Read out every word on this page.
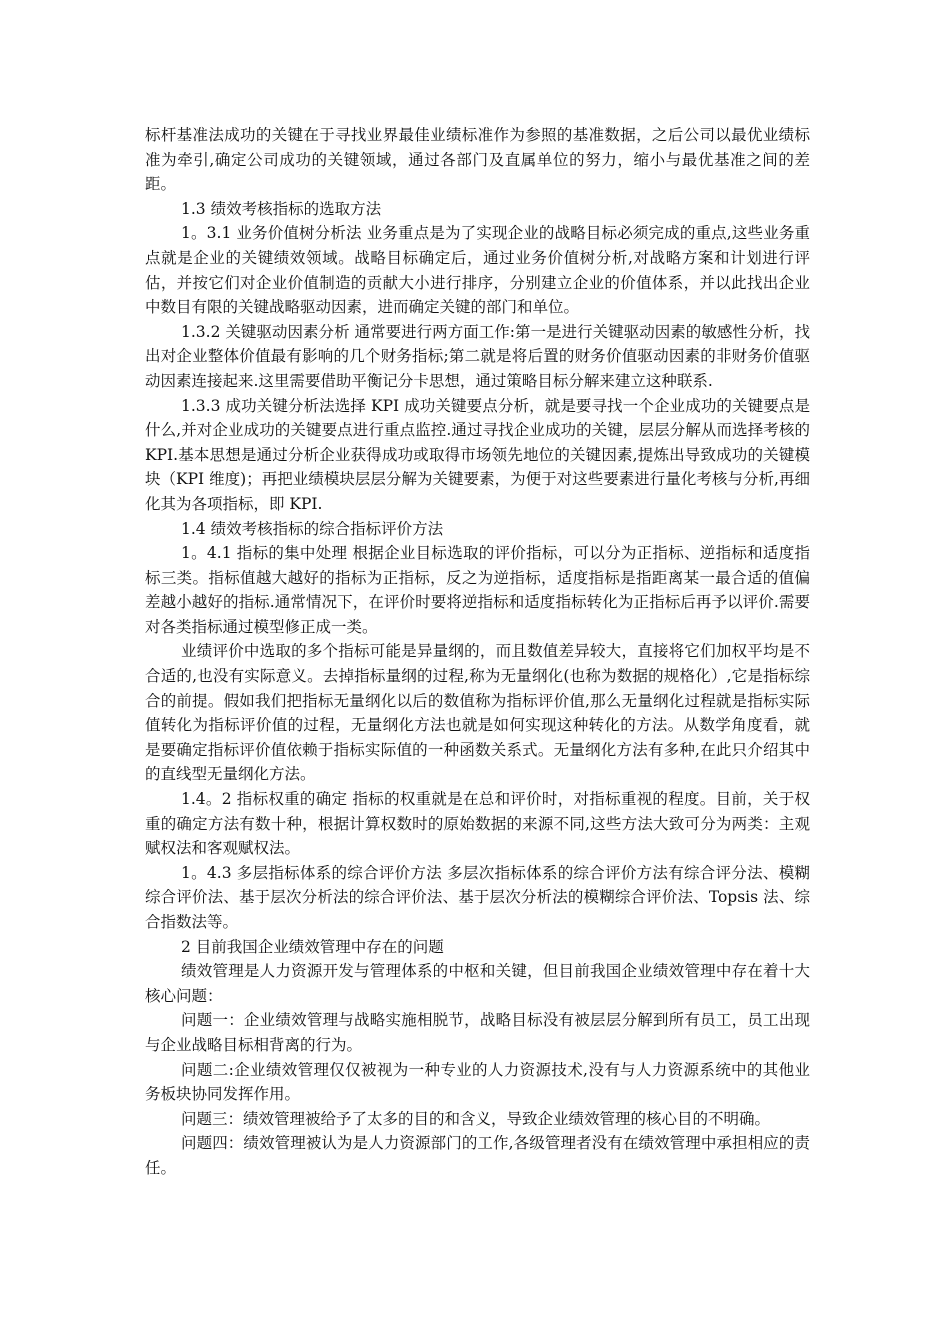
标杆基准法成功的关键在于寻找业界最佳业绩标准作为参照的基准数据，之后公司以最优业绩标准为牵引,确定公司成功的关键领域，通过各部门及直属单位的努力，缩小与最优基准之间的差距。

1.3 绩效考核指标的选取方法

1。3.1 业务价值树分析法 业务重点是为了实现企业的战略目标必须完成的重点,这些业务重点就是企业的关键绩效领域。战略目标确定后，通过业务价值树分析,对战略方案和计划进行评估，并按它们对企业价值制造的贡献大小进行排序，分别建立企业的价值体系，并以此找出企业中数目有限的关键战略驱动因素，进而确定关键的部门和单位。

1.3.2 关键驱动因素分析 通常要进行两方面工作:第一是进行关键驱动因素的敏感性分析，找出对企业整体价值最有影响的几个财务指标;第二就是将后置的财务价值驱动因素的非财务价值驱动因素连接起来.这里需要借助平衡记分卡思想，通过策略目标分解来建立这种联系.

1.3.3 成功关键分析法选择 KPI 成功关键要点分析，就是要寻找一个企业成功的关键要点是什么,并对企业成功的关键要点进行重点监控.通过寻找企业成功的关键，层层分解从而选择考核的 KPI.基本思想是通过分析企业获得成功或取得市场领先地位的关键因素,提炼出导致成功的关键模块（KPI 维度)；再把业绩模块层层分解为关键要素，为便于对这些要素进行量化考核与分析,再细化其为各项指标，即 KPI.

1.4 绩效考核指标的综合指标评价方法

1。4.1 指标的集中处理 根据企业目标选取的评价指标，可以分为正指标、逆指标和适度指标三类。指标值越大越好的指标为正指标，反之为逆指标，适度指标是指距离某一最合适的值偏差越小越好的指标.通常情况下，在评价时要将逆指标和适度指标转化为正指标后再予以评价.需要对各类指标通过模型修正成一类。

业绩评价中选取的多个指标可能是异量纲的，而且数值差异较大，直接将它们加权平均是不合适的,也没有实际意义。去掉指标量纲的过程,称为无量纲化(也称为数据的规格化）,它是指标综合的前提。假如我们把指标无量纲化以后的数值称为指标评价值,那么无量纲化过程就是指标实际值转化为指标评价值的过程，无量纲化方法也就是如何实现这种转化的方法。从数学角度看，就是要确定指标评价值依赖于指标实际值的一种函数关系式。无量纲化方法有多种,在此只介绍其中的直线型无量纲化方法。

1.4。2 指标权重的确定 指标的权重就是在总和评价时，对指标重视的程度。目前，关于权重的确定方法有数十种，根据计算权数时的原始数据的来源不同,这些方法大致可分为两类：主观赋权法和客观赋权法。

1。4.3 多层指标体系的综合评价方法 多层次指标体系的综合评价方法有综合评分法、模糊综合评价法、基于层次分析法的综合评价法、基于层次分析法的模糊综合评价法、Topsis 法、综合指数法等。

2 目前我国企业绩效管理中存在的问题

绩效管理是人力资源开发与管理体系的中枢和关键，但目前我国企业绩效管理中存在着十大核心问题：

问题一：企业绩效管理与战略实施相脱节，战略目标没有被层层分解到所有员工，员工出现与企业战略目标相背离的行为。

问题二:企业绩效管理仅仅被视为一种专业的人力资源技术,没有与人力资源系统中的其他业务板块协同发挥作用。

问题三：绩效管理被给予了太多的目的和含义，导致企业绩效管理的核心目的不明确。

问题四：绩效管理被认为是人力资源部门的工作,各级管理者没有在绩效管理中承担相应的责任。
